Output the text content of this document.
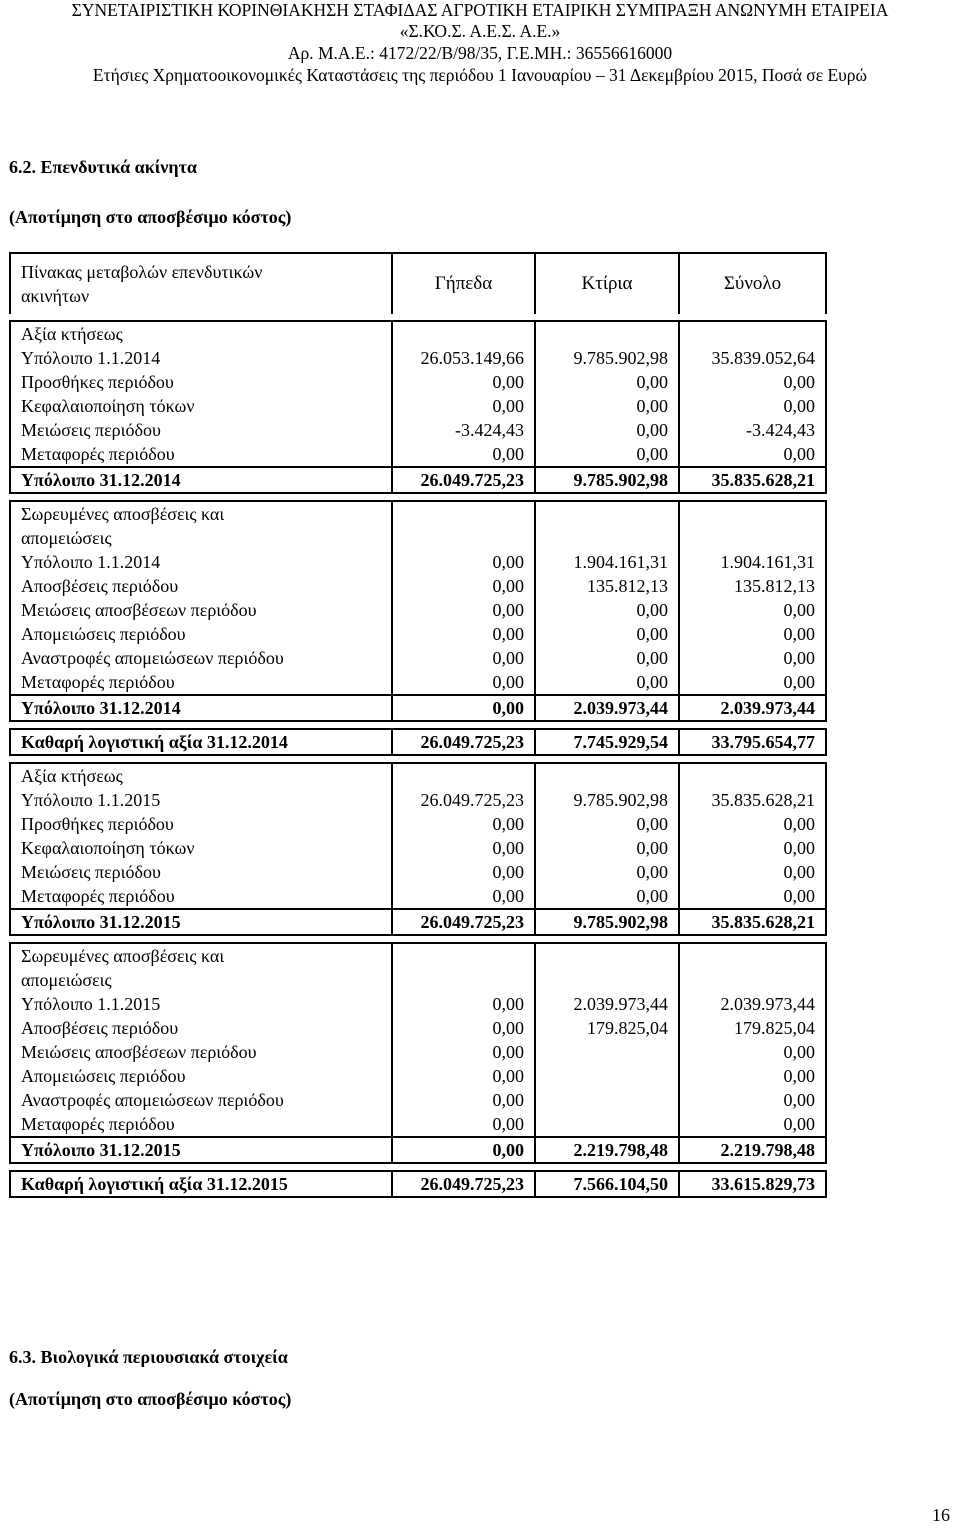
ΣΥΝΕΤΑΙΡΙΣΤΙΚΗ ΚΟΡΙΝΘΙΑΚΗΣΗ ΣΤΑΦΙΔΑΣ ΑΓΡΟΤΙΚΗ ΕΤΑΙΡΙΚΗ ΣΥΜΠΡΑΞΗ ΑΝΩΝΥΜΗ ΕΤΑΙΡΕΙΑ
«Σ.ΚΟ.Σ. Α.Ε.Σ. Α.Ε.»
Αρ. Μ.Α.Ε.: 4172/22/Β/98/35, Γ.Ε.ΜΗ.: 36556616000
Ετήσιες Χρηματοοικονομικές Καταστάσεις της περιόδου 1 Ιανουαρίου – 31 Δεκεμβρίου 2015, Ποσά σε Ευρώ
6.2. Επενδυτικά ακίνητα
(Αποτίμηση στο αποσβέσιμο κόστος)
Πίνακας μεταβολών επενδυτικών
ακινήτων	Γήπεδα	Κτίρια	Σύνολο

Αξία κτήσεως			
Υπόλοιπο 1.1.2014	26.053.149,66	9.785.902,98	35.839.052,64
Προσθήκες περιόδου	0,00	0,00	0,00
Κεφαλαιοποίηση τόκων	0,00	0,00	0,00
Μειώσεις περιόδου	-3.424,43	0,00	-3.424,43
Μεταφορές περιόδου	0,00	0,00	0,00
Υπόλοιπο 31.12.2014	26.049.725,23	9.785.902,98	35.835.628,21

Σωρευμένες αποσβέσεις και			
απομειώσεις			
Υπόλοιπο 1.1.2014	0,00	1.904.161,31	1.904.161,31
Αποσβέσεις περιόδου	0,00	135.812,13	135.812,13
Μειώσεις αποσβέσεων περιόδου	0,00	0,00	0,00
Απομειώσεις περιόδου	0,00	0,00	0,00
Αναστροφές απομειώσεων περιόδου	0,00	0,00	0,00
Μεταφορές περιόδου	0,00	0,00	0,00
Υπόλοιπο 31.12.2014	0,00	2.039.973,44	2.039.973,44

Καθαρή λογιστική αξία 31.12.2014	26.049.725,23	7.745.929,54	33.795.654,77

Αξία κτήσεως			
Υπόλοιπο 1.1.2015	26.049.725,23	9.785.902,98	35.835.628,21
Προσθήκες περιόδου	0,00	0,00	0,00
Κεφαλαιοποίηση τόκων	0,00	0,00	0,00
Μειώσεις περιόδου	0,00	0,00	0,00
Μεταφορές περιόδου	0,00	0,00	0,00
Υπόλοιπο 31.12.2015	26.049.725,23	9.785.902,98	35.835.628,21

Σωρευμένες αποσβέσεις και			
απομειώσεις			
Υπόλοιπο 1.1.2015	0,00	2.039.973,44	2.039.973,44
Αποσβέσεις περιόδου	0,00	179.825,04	179.825,04
Μειώσεις αποσβέσεων περιόδου	0,00		0,00
Απομειώσεις περιόδου	0,00		0,00
Αναστροφές απομειώσεων περιόδου	0,00		0,00
Μεταφορές περιόδου	0,00		0,00
Υπόλοιπο 31.12.2015	0,00	2.219.798,48	2.219.798,48

Καθαρή λογιστική αξία 31.12.2015	26.049.725,23	7.566.104,50	33.615.829,73
6.3. Βιολογικά περιουσιακά στοιχεία
(Αποτίμηση στο αποσβέσιμο κόστος)
16
